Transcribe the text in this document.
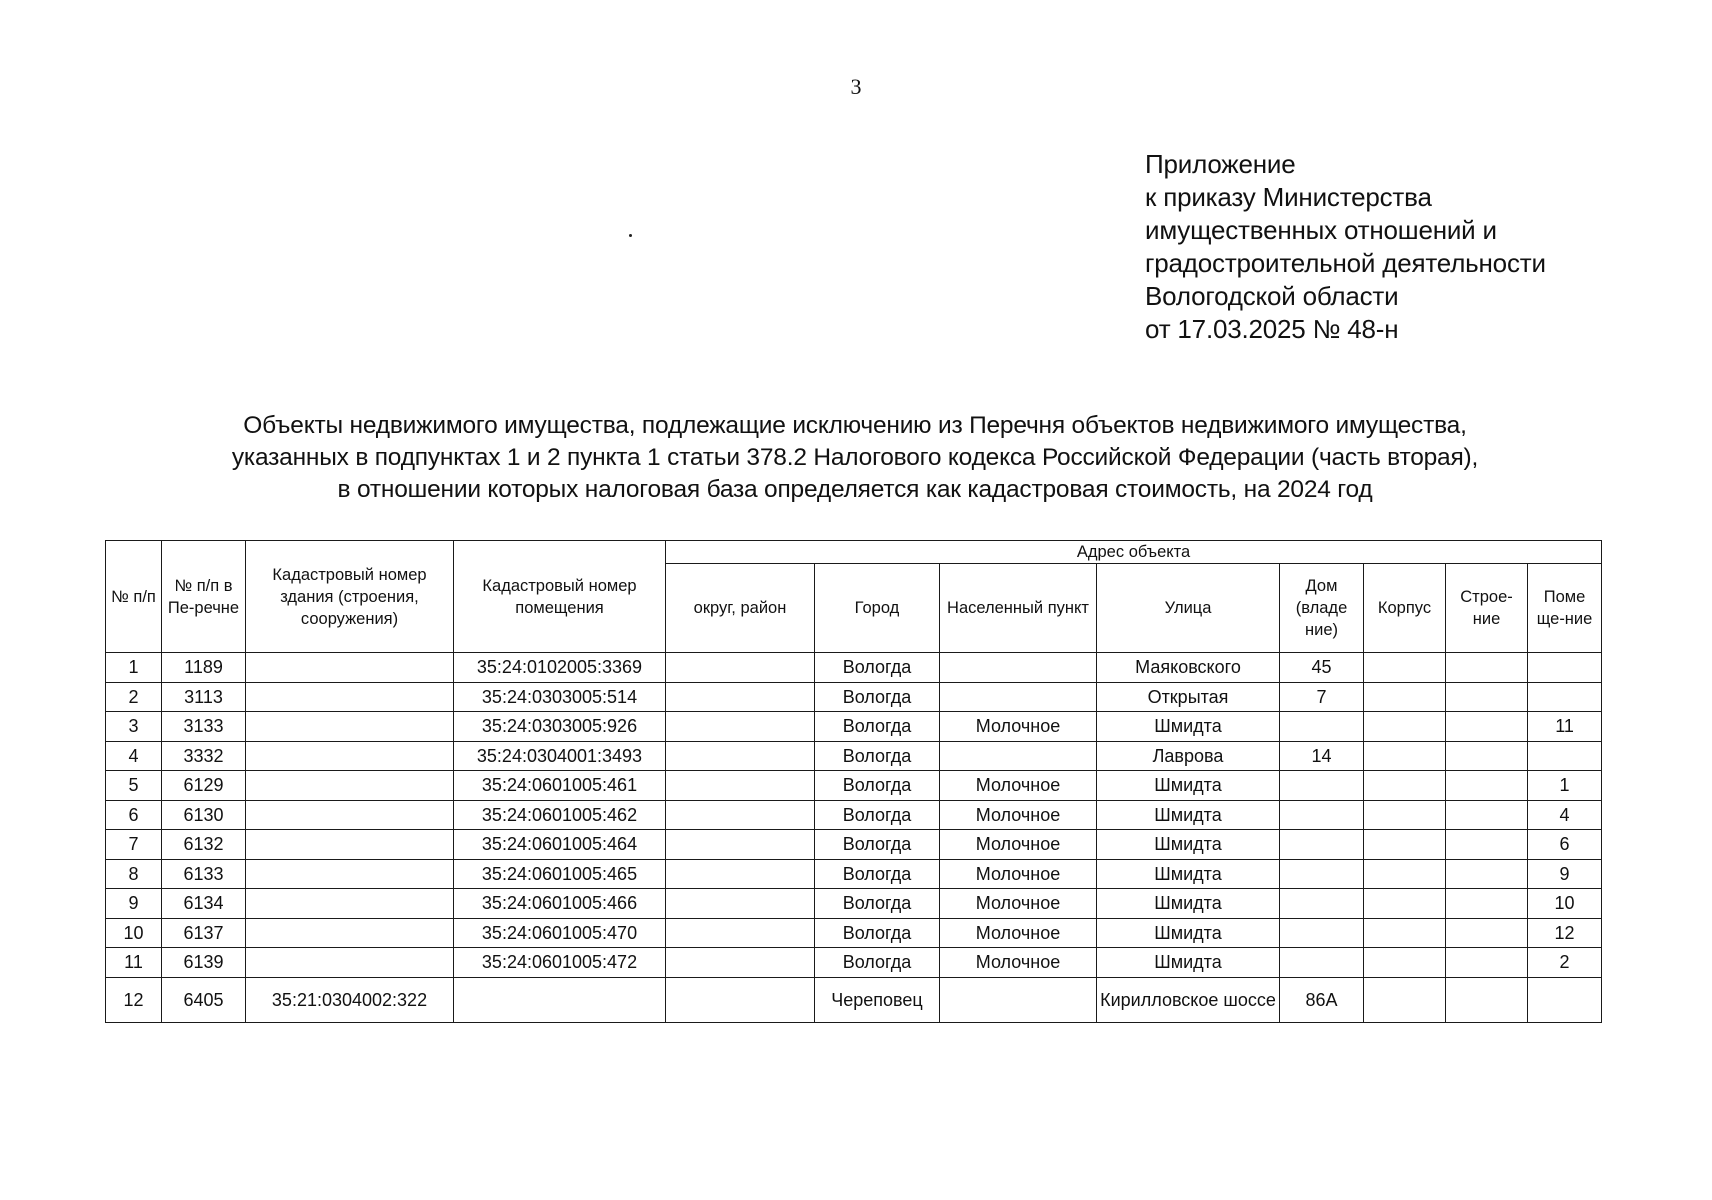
3
Приложение
к приказу Министерства
имущественных отношений и
градостроительной деятельности
Вологодской области
от 17.03.2025 № 48-н
Объекты недвижимого имущества, подлежащие исключению из Перечня объектов недвижимого имущества,
указанных в подпунктах 1 и 2 пункта 1 статьи 378.2 Налогового кодекса Российской Федерации (часть вторая),
в отношении которых налоговая база определяется как кадастровая стоимость, на 2024 год
№ п/п	№ п/п в Пе-речне	Кадастровый номер здания (строения, сооружения)	Кадастровый номер помещения	Адрес объекта							
				округ, район	Город	Населенный пункт	Улица	Дом (владе ние)	Корпус	Строе-ние	Поме ще-ние
1	1189		35:24:0102005:3369		Вологда		Маяковского	45			
2	3113		35:24:0303005:514		Вологда		Открытая	7			
3	3133		35:24:0303005:926		Вологда	Молочное	Шмидта				11
4	3332		35:24:0304001:3493		Вологда		Лаврова	14			
5	6129		35:24:0601005:461		Вологда	Молочное	Шмидта				1
6	6130		35:24:0601005:462		Вологда	Молочное	Шмидта				4
7	6132		35:24:0601005:464		Вологда	Молочное	Шмидта				6
8	6133		35:24:0601005:465		Вологда	Молочное	Шмидта				9
9	6134		35:24:0601005:466		Вологда	Молочное	Шмидта				10
10	6137		35:24:0601005:470		Вологда	Молочное	Шмидта				12
11	6139		35:24:0601005:472		Вологда	Молочное	Шмидта				2
12	6405	35:21:0304002:322			Череповец		Кирилловское шоссе	86А			
